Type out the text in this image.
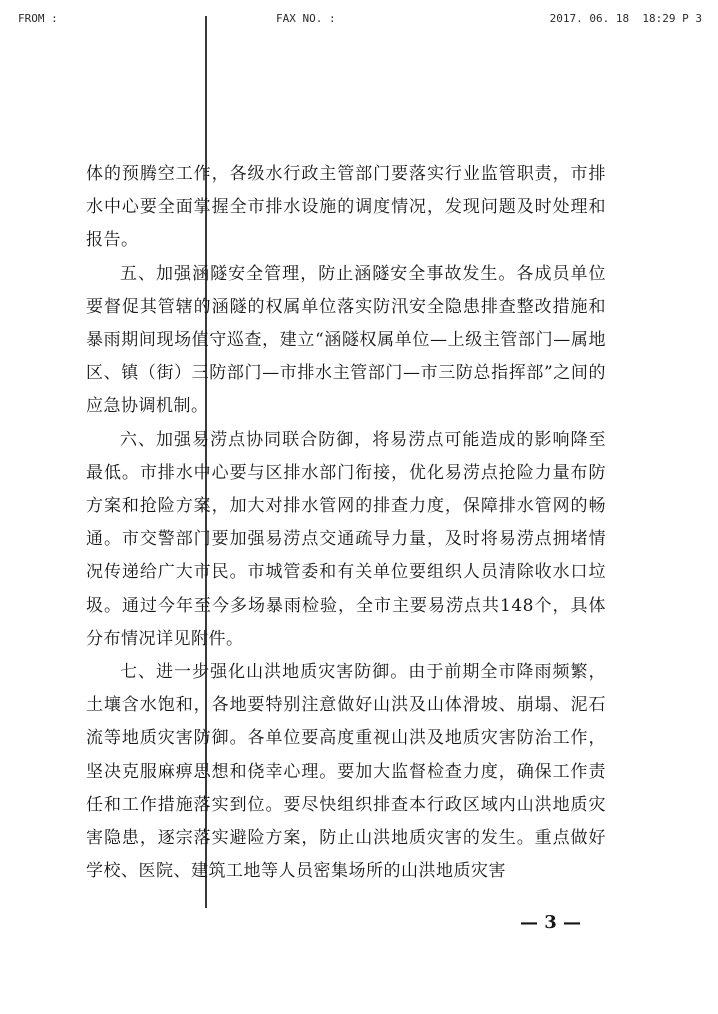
FROM :	FAX NO. :	2017. 06. 18  18:29 P 3

体的预腾空工作，各级水行政主管部门要落实行业监管职责，市排水中心要全面掌握全市排水设施的调度情况，发现问题及时处理和报告。

五、加强涵隧安全管理，防止涵隧安全事故发生。各成员单位要督促其管辖的涵隧的权属单位落实防汛安全隐患排查整改措施和暴雨期间现场值守巡查，建立“涵隧权属单位—上级主管部门—属地区、镇（街）三防部门—市排水主管部门—市三防总指挥部”之间的应急协调机制。

六、加强易涝点协同联合防御，将易涝点可能造成的影响降至最低。市排水中心要与区排水部门衔接，优化易涝点抢险力量布防方案和抢险方案，加大对排水管网的排查力度，保障排水管网的畅通。市交警部门要加强易涝点交通疏导力量，及时将易涝点拥堵情况传递给广大市民。市城管委和有关单位要组织人员清除收水口垃圾。通过今年至今多场暴雨检验，全市主要易涝点共148个，具体分布情况详见附件。

七、进一步强化山洪地质灾害防御。由于前期全市降雨频繁，土壤含水饱和，各地要特别注意做好山洪及山体滑坡、崩塌、泥石流等地质灾害防御。各单位要高度重视山洪及地质灾害防治工作，坚决克服麻痹思想和侥幸心理。要加大监督检查力度，确保工作责任和工作措施落实到位。要尽快组织排查本行政区域内山洪地质灾害隐患，逐宗落实避险方案，防止山洪地质灾害的发生。重点做好学校、医院、建筑工地等人员密集场所的山洪地质灾害

— 3 —
